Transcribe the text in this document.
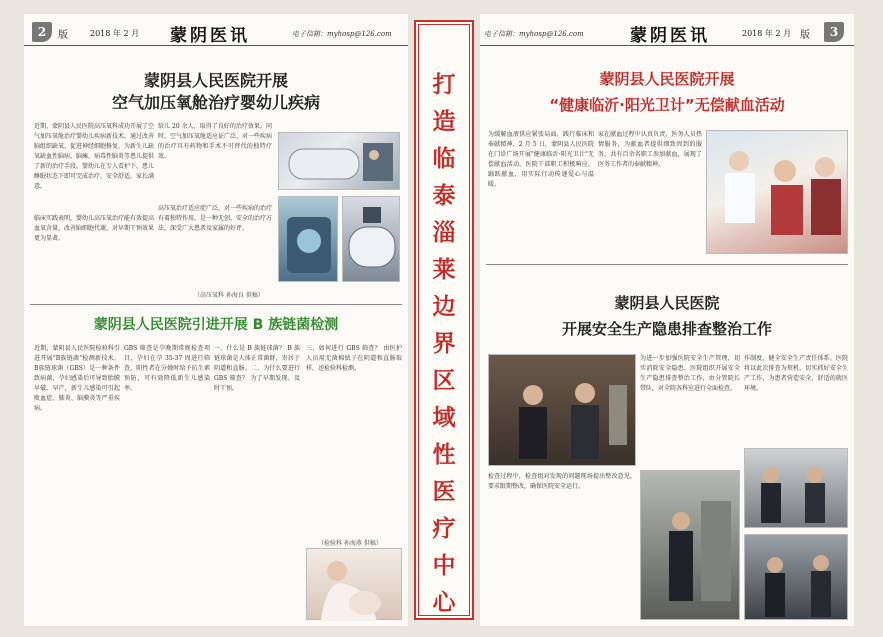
2	版	2018 年 2 月 蒙阴医讯	电子信箱：myhosp@126.com
蒙阴县人民医院开展
空气加压氧舱治疗婴幼儿疾病
近期，蒙阴县人民医院高压氧科成功开展了空气加压氧舱治疗婴幼儿疾病新技术。通过改善脑组织缺氧、促进神经细胞修复，为新生儿缺氧缺血性脑病、脑瘫、病毒性脑炎等患儿提供了新的治疗手段。婴幼儿在专人看护下，患儿睡眠状态下即可完成治疗，安全舒适，家长满意。
临床实践表明，婴幼儿高压氧治疗能有效提高血氧含量，改善脑细胞代谢，对早期干预效果更为显著。
给儿 20 余人，取得了良好的治疗效果。同时，空气加压氧舱适应证广泛，对一些疾病的治疗具有药物和手术不可替代的独特疗效。
高压氧治疗适应症广泛，对一些疾病的治疗有着独特作用，是一种无创、安全的治疗方法，深受广大患者及家属的好评。
（高压氧科 孙海良 供稿）
蒙阴县人民医院引进开展 B 族链菌检测
近期，蒙阴县人民医院检验科引进开展"B族链菌"检测新技术。B族链球菌（GBS）是一种条件致病菌，孕妇感染后可导致胎膜早破、早产，新生儿感染可引起败血症、肺炎、脑膜炎等严重疾病。
GBS 筛查是孕晚期常规检查项目，孕妇在孕 35-37 周进行筛查，阳性者在分娩时给予抗生素预防，可有效降低新生儿感染率。
一、什么是 B 族链球菌？ B 族链球菌是人体正常菌群，寄居于阴道和直肠。二、为什么要进行 GBS 筛查？ 为了早期发现、及时干预。
三、如何进行 GBS 筛查？ 由医护人员用无菌棉拭子在阴道和直肠取样，送检验科检测。
（检验科 孙海燕 供稿）
打
造
临
泰
淄
莱
边
界
区
域
性
医
疗
中
心
电子信箱：myhosp@126.com	蒙阴医讯	2018 年 2 月 版	3
蒙阴县人民医院开展
“健康临沂·阳光卫计”无偿献血活动
为缓解血液供应紧张局面，践行临床和奉献精神，2 月 5 日，蒙阴县人民医院在门诊广场开展"健康临沂·阳光卫计"无偿献血活动。医院干部职工积极响应，踊跃献血，用实际行动传递爱心与温暖。
家在献血过程中认真负责，医务人员热情服务，为献血者提供细致周到的服务，共有百余名职工参加献血，展现了医务工作者的奉献精神。
蒙阴县人民医院
开展安全生产隐患排查整治工作
为进一步加强医院安全生产管理，切实消除安全隐患，医院组织开展安全生产隐患排查整治工作，由分管院长带队，对全院各科室进行全面检查。
作制度，健全安全生产责任体系。医院将以此次排查为契机，切实抓好安全生产工作，为患者营造安全、舒适的就医环境。
检查过程中，检查组对发现的问题现场提出整改意见，要求限期整改，确保医院安全运行。
